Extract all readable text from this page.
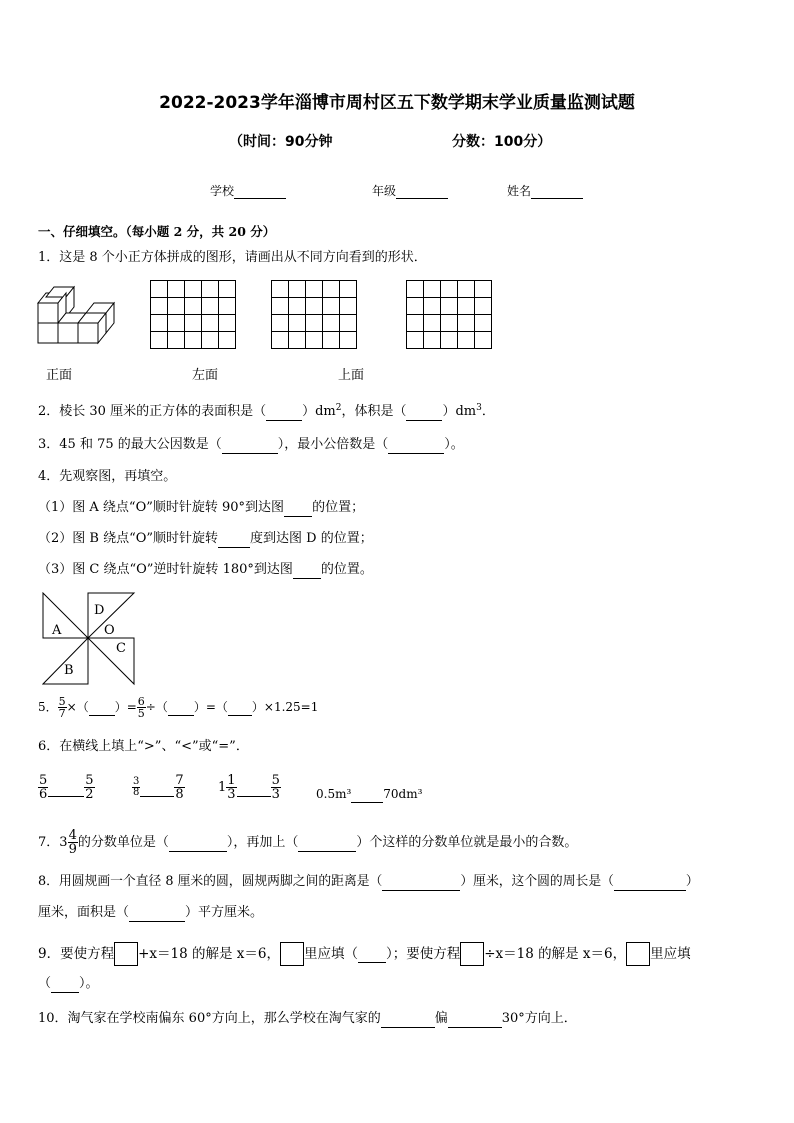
2022-2023学年淄博市周村区五下数学期末学业质量监测试题
（时间：90分钟	分数：100分）
学校	年级	姓名
一、仔细填空。（每小题 2 分，共 20 分）
1．这是 8 个小正方体拼成的图形，请画出从不同方向看到的形状．
正面	左面	上面
2．棱长 30 厘米的正方体的表面积是（	）$dm^2$，体积是（	）$dm^3$．
3．45 和 75 的最大公因数是（	），最小公倍数是（	）。
4．先观察图，再填空。
（1）图 A 绕点“O”顺时针旋转 90°到达图 的位置；
（2）图 B 绕点“O”顺时针旋转 度到达图 D 的位置；
（3）图 C 绕点“O”逆时针旋转 180°到达图 的位置。
A
D
O
C
B
5． $\frac{5}{7}$ ×（ ）= $\frac{6}{5}$ ÷（ ）=（ ）×1.25=1
6．在横线上填上“>”、“<”或“=”．
$\frac{5}{6}$
	$\frac{5}{2}$	$\frac{3}{8}$
	$\frac{7}{8}$	$1 \frac{1}{3}$
	$\frac{5}{3}$	0.5m³	70dm³
7．$3 \frac{4}{9}$ 的分数单位是（	），再加上（	）个这样的分数单位就是最小的合数。
8．用圆规画一个直径 8 厘米的圆，圆规两脚之间的距离是（	）厘米，这个圆的周长是（	）
厘米，面积是（	）平方厘米。
9．要使方程 +x＝18 的解是 x＝6， 里应填（ ）；要使方程 ÷x＝18 的解是 x＝6， 里应填
（ ）。
10．淘气家在学校南偏东 60°方向上，那么学校在淘气家的	偏	30°方向上．
